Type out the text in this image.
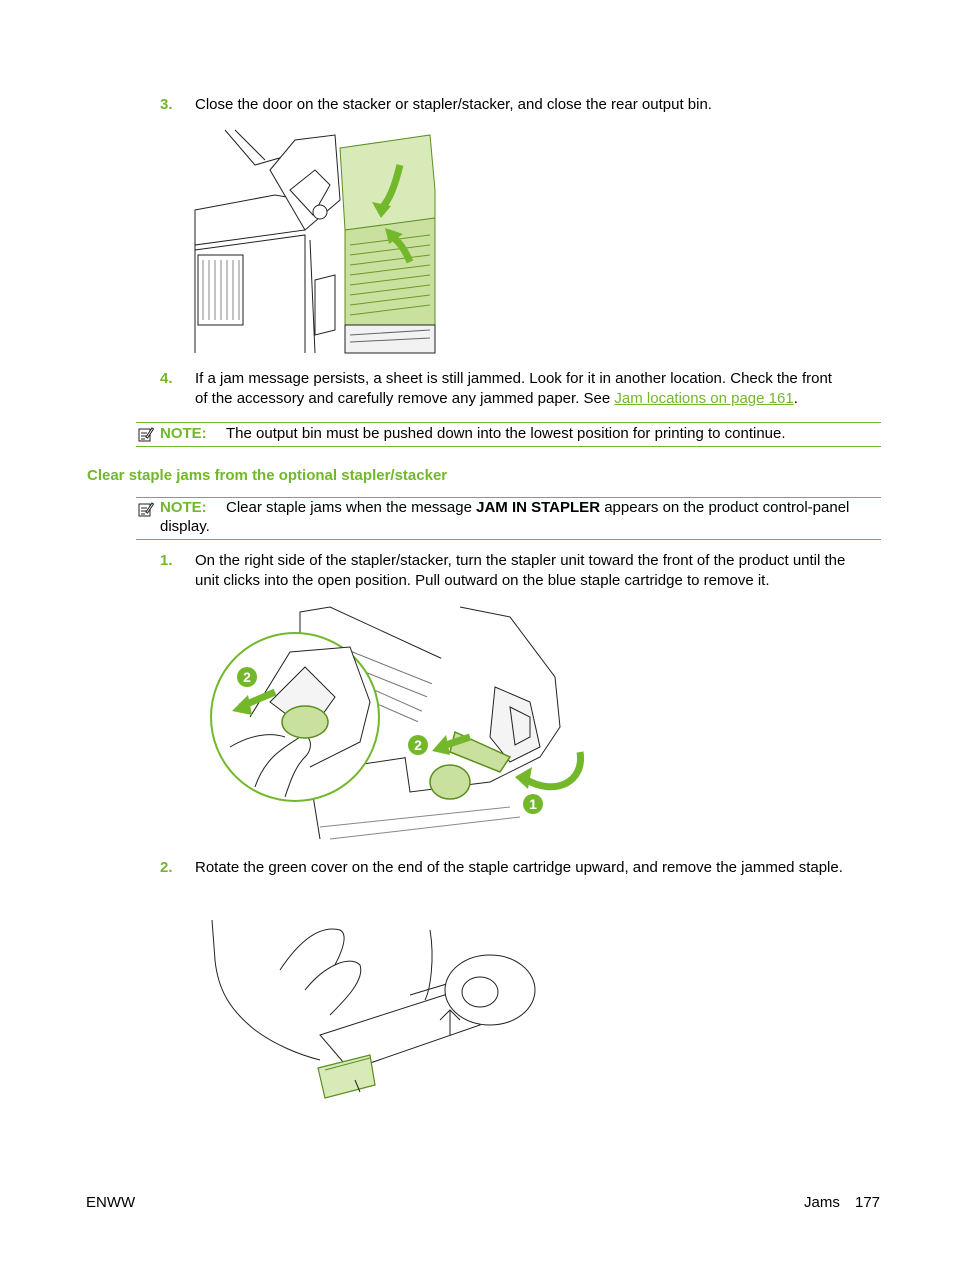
3. Close the door on the stacker or stapler/stacker, and close the rear output bin.
4. If a jam message persists, a sheet is still jammed. Look for it in another location. Check the front
of the accessory and carefully remove any jammed paper. See Jam locations on page 161.
NOTE: The output bin must be pushed down into the lowest position for printing to continue.
Clear staple jams from the optional stapler/stacker
NOTE: Clear staple jams when the message JAM IN STAPLER appears on the product control-panel
display.
1. On the right side of the stapler/stacker, turn the stapler unit toward the front of the product until the
unit clicks into the open position. Pull outward on the blue staple cartridge to remove it.
2
2
1
2. Rotate the green cover on the end of the staple cartridge upward, and remove the jammed staple.
ENWW	Jams 177
